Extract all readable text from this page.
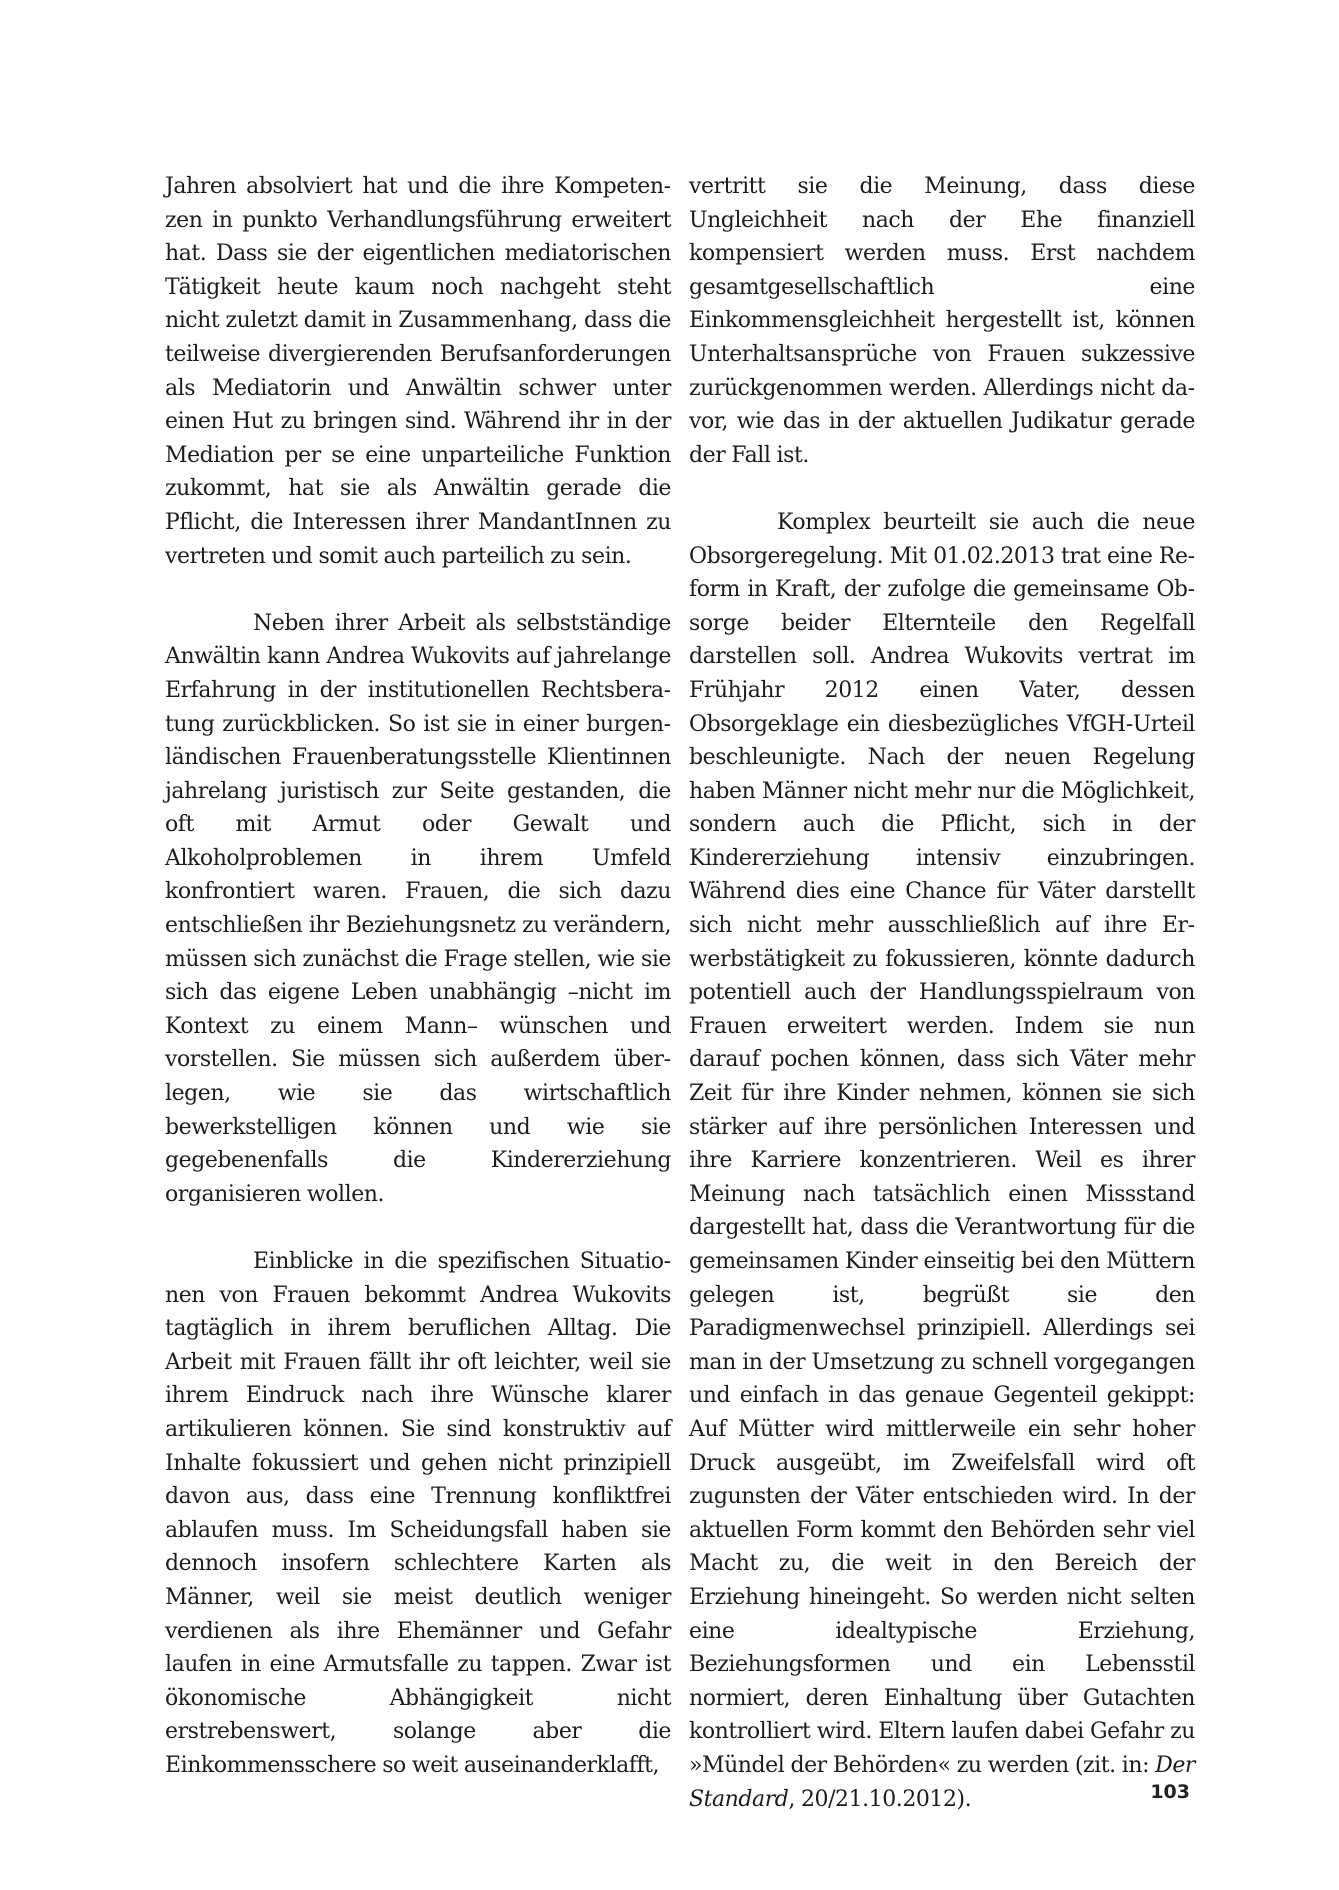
Jahren absolviert hat und die ihre Kompetenzen in punkto Verhandlungsführung erweitert hat. Dass sie der eigentlichen mediatorischen Tätigkeit heute kaum noch nachgeht steht nicht zuletzt damit in Zusammenhang, dass die teilweise divergierenden Berufsanforderungen als Mediatorin und Anwältin schwer unter einen Hut zu bringen sind. Während ihr in der Mediation per se eine unparteiliche Funktion zukommt, hat sie als Anwältin gerade die Pflicht, die Interessen ihrer MandantInnen zu vertreten und somit auch parteilich zu sein.

Neben ihrer Arbeit als selbstständige Anwältin kann Andrea Wukovits auf jahrelange Erfahrung in der institutionellen Rechtsberatung zurückblicken. So ist sie in einer burgenländischen Frauenberatungsstelle Klientinnen jahrelang juristisch zur Seite gestanden, die oft mit Armut oder Gewalt und Alkoholproblemen in ihrem Umfeld konfrontiert waren. Frauen, die sich dazu entschließen ihr Beziehungsnetz zu verändern, müssen sich zunächst die Frage stellen, wie sie sich das eigene Leben unabhängig –nicht im Kontext zu einem Mann– wünschen und vorstellen. Sie müssen sich außerdem überlegen, wie sie das wirtschaftlich bewerkstelligen können und wie sie gegebenenfalls die Kindererziehung organisieren wollen.

Einblicke in die spezifischen Situationen von Frauen bekommt Andrea Wukovits tagtäglich in ihrem beruflichen Alltag. Die Arbeit mit Frauen fällt ihr oft leichter, weil sie ihrem Eindruck nach ihre Wünsche klarer artikulieren können. Sie sind konstruktiv auf Inhalte fokussiert und gehen nicht prinzipiell davon aus, dass eine Trennung konfliktfrei ablaufen muss. Im Scheidungsfall haben sie dennoch insofern schlechtere Karten als Männer, weil sie meist deutlich weniger verdienen als ihre Ehemänner und Gefahr laufen in eine Armutsfalle zu tappen. Zwar ist ökonomische Abhängigkeit nicht erstrebenswert, solange aber die Einkommensschere so weit auseinanderklafft,

vertritt sie die Meinung, dass diese Ungleichheit nach der Ehe finanziell kompensiert werden muss. Erst nachdem gesamtgesellschaftlich eine Einkommensgleichheit hergestellt ist, können Unterhaltsansprüche von Frauen sukzessive zurückgenommen werden. Allerdings nicht davor, wie das in der aktuellen Judikatur gerade der Fall ist.

Komplex beurteilt sie auch die neue Obsorgeregelung. Mit 01.02.2013 trat eine Reform in Kraft, der zufolge die gemeinsame Obsorge beider Elternteile den Regelfall darstellen soll. Andrea Wukovits vertrat im Frühjahr 2012 einen Vater, dessen Obsorgeklage ein diesbezügliches VfGH-Urteil beschleunigte. Nach der neuen Regelung haben Männer nicht mehr nur die Möglichkeit, sondern auch die Pflicht, sich in der Kindererziehung intensiv einzubringen. Während dies eine Chance für Väter darstellt sich nicht mehr ausschließlich auf ihre Erwerbstätigkeit zu fokussieren, könnte dadurch potentiell auch der Handlungsspielraum von Frauen erweitert werden. Indem sie nun darauf pochen können, dass sich Väter mehr Zeit für ihre Kinder nehmen, können sie sich stärker auf ihre persönlichen Interessen und ihre Karriere konzentrieren. Weil es ihrer Meinung nach tatsächlich einen Missstand dargestellt hat, dass die Verantwortung für die gemeinsamen Kinder einseitig bei den Müttern gelegen ist, begrüßt sie den Paradigmenwechsel prinzipiell. Allerdings sei man in der Umsetzung zu schnell vorgegangen und einfach in das genaue Gegenteil gekippt: Auf Mütter wird mittlerweile ein sehr hoher Druck ausgeübt, im Zweifelsfall wird oft zugunsten der Väter entschieden wird. In der aktuellen Form kommt den Behörden sehr viel Macht zu, die weit in den Bereich der Erziehung hineingeht. So werden nicht selten eine idealtypische Erziehung, Beziehungsformen und ein Lebensstil normiert, deren Einhaltung über Gutachten kontrolliert wird. Eltern laufen dabei Gefahr zu »Mündel der Behörden« zu werden (zit. in: Der Standard, 20/21.10.2012).	103
